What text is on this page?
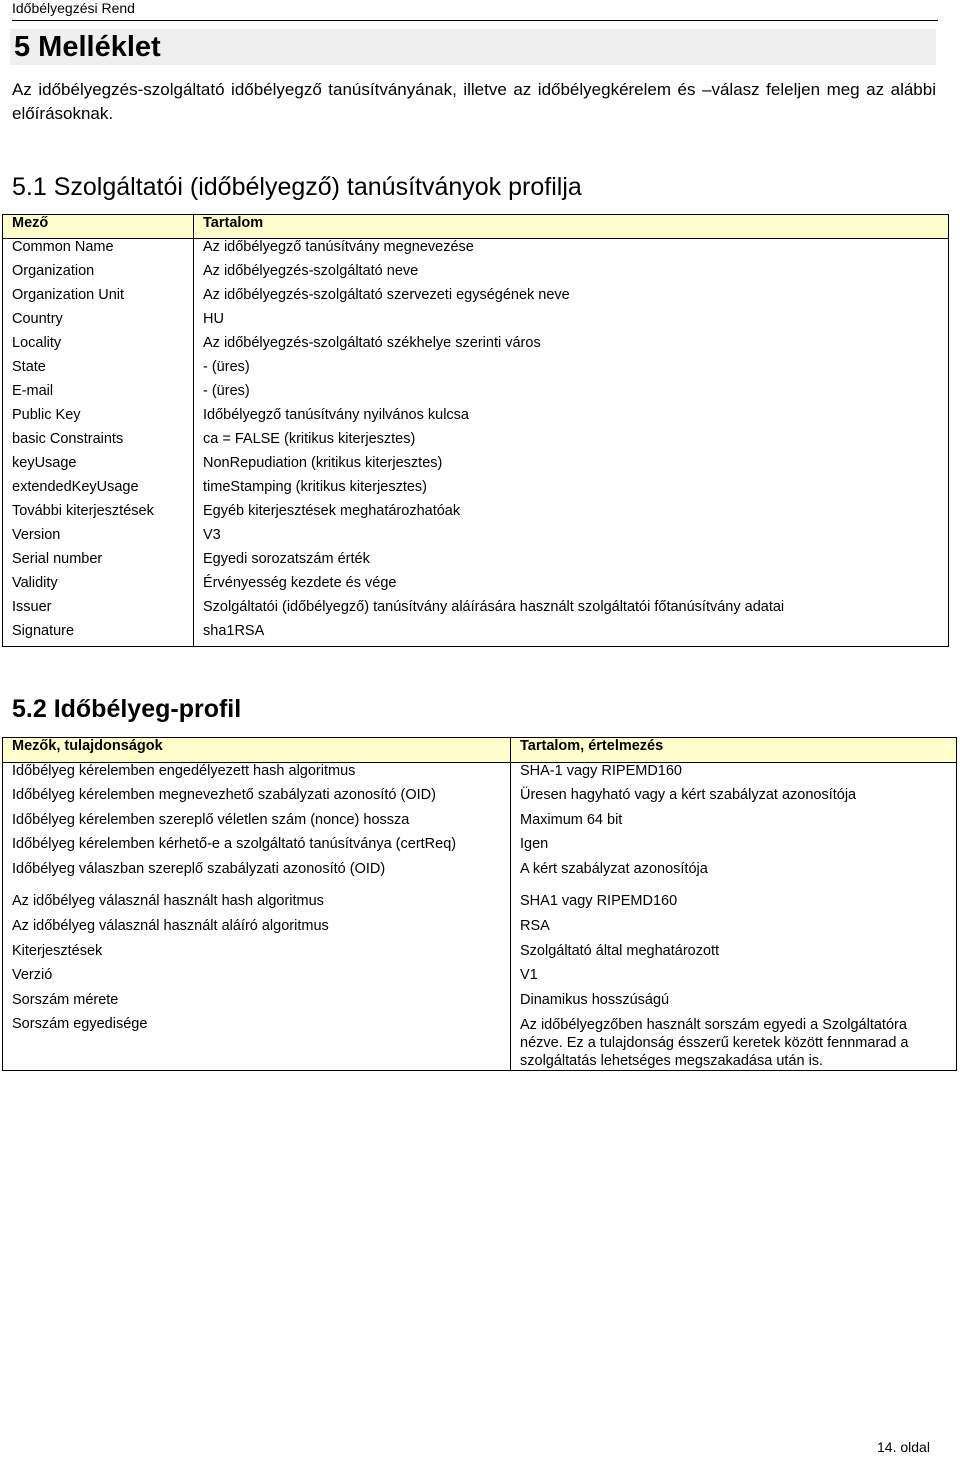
Időbélyegzési Rend
5 Melléklet
Az időbélyegzés-szolgáltató időbélyegző tanúsítványának, illetve az időbélyegkérelem és –válasz feleljen meg az alábbi előírásoknak.
5.1 Szolgáltatói (időbélyegző) tanúsítványok profilja
Mező	Tartalom
Common Name	Az időbélyegző tanúsítvány megnevezése
Organization	Az időbélyegzés-szolgáltató neve
Organization Unit	Az időbélyegzés-szolgáltató szervezeti egységének neve
Country	HU
Locality	Az időbélyegzés-szolgáltató székhelye szerinti város
State	- (üres)
E-mail	- (üres)
Public Key	Időbélyegző tanúsítvány nyilvános kulcsa
basic Constraints	ca = FALSE (kritikus kiterjesztes)
keyUsage	NonRepudiation (kritikus kiterjesztes)
extendedKeyUsage	timeStamping (kritikus kiterjesztes)
További kiterjesztések	Egyéb kiterjesztések meghatározhatóak
Version	V3
Serial number	Egyedi sorozatszám érték
Validity	Érvényesség kezdete és vége
Issuer	Szolgáltatói (időbélyegző) tanúsítvány aláírására használt szolgáltatói főtanúsítvány adatai
Signature	sha1RSA
5.2 Időbélyeg-profil
Mezők, tulajdonságok	Tartalom, értelmezés
Időbélyeg kérelemben engedélyezett hash algoritmus	SHA-1 vagy RIPEMD160
Időbélyeg kérelemben megnevezhető szabályzati azonosító (OID)	Üresen hagyható vagy a kért szabályzat azonosítója
Időbélyeg kérelemben szereplő véletlen szám (nonce) hossza	Maximum 64 bit
Időbélyeg kérelemben kérhető-e a szolgáltató tanúsítványa (certReq)	Igen
Időbélyeg válaszban szereplő szabályzati azonosító (OID)	A kért szabályzat azonosítója

Az időbélyeg válasznál használt hash algoritmus	SHA1 vagy RIPEMD160
Az időbélyeg válasznál használt aláíró algoritmus	RSA
Kiterjesztések	Szolgáltató által meghatározott
Verzió	V1
Sorszám mérete	Dinamikus hosszúságú
Sorszám egyedisége	Az időbélyegzőben használt sorszám egyedi a Szolgáltatóra nézve. Ez a tulajdonság ésszerű keretek között fennmarad a szolgáltatás lehetséges megszakadása után is.
14. oldal
